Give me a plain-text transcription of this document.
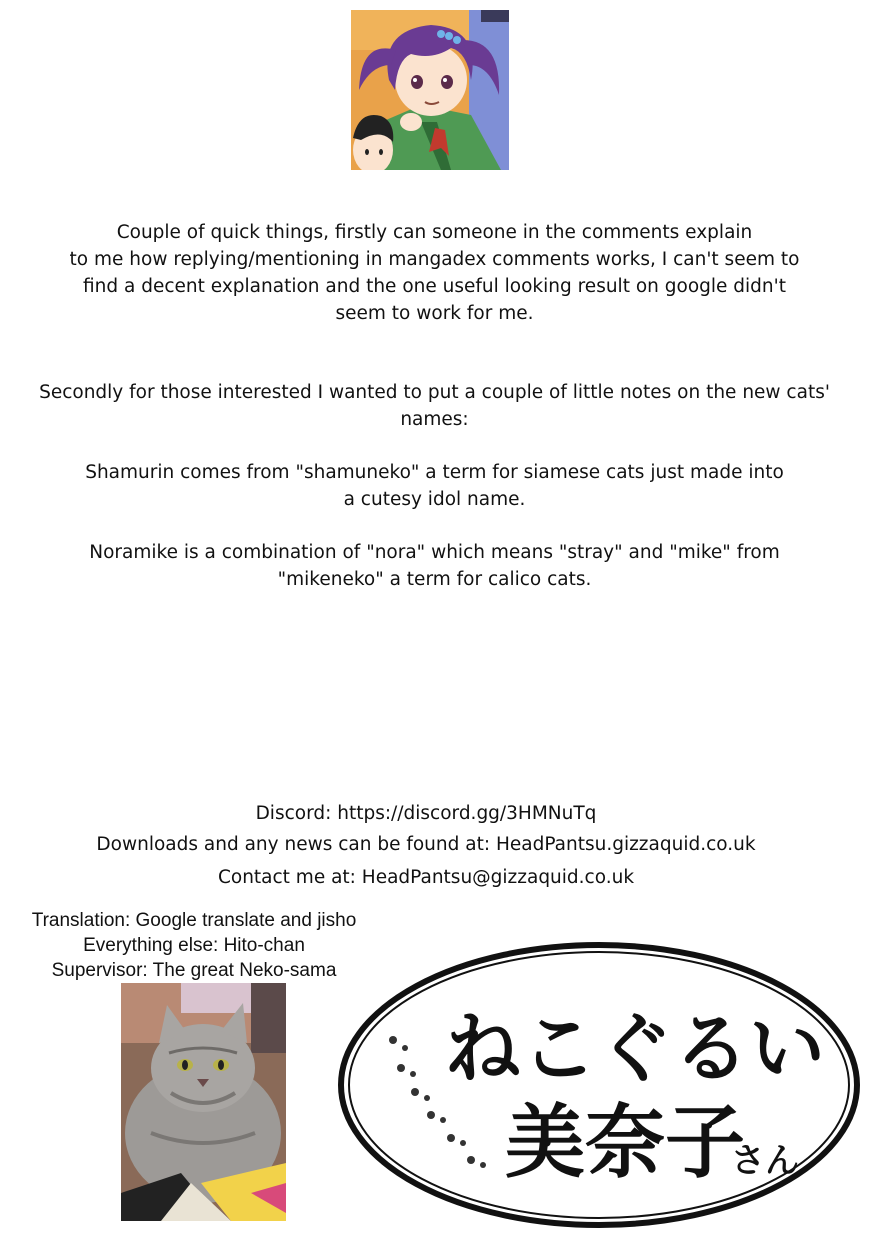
Couple of quick things, firstly can someone in the comments explain
to me how replying/mentioning in mangadex comments works, I can't seem to
find a decent explanation and the one useful looking result on google didn't
seem to work for me.
Secondly for those interested I wanted to put a couple of little notes on the new cats'
names:
Shamurin comes from "shamuneko" a term for siamese cats just made into
a cutesy idol name.
Noramike is a combination of "nora" which means "stray" and "mike" from
"mikeneko" a term for calico cats.
Discord: https://discord.gg/3HMNuTq
Downloads and any news can be found at: HeadPantsu.gizzaquid.co.uk
Contact me at: HeadPantsu@gizzaquid.co.uk
Translation: Google translate and jisho
Everything else: Hito-chan
Supervisor: The great Neko-sama
ねこぐるい
美奈子
さん
